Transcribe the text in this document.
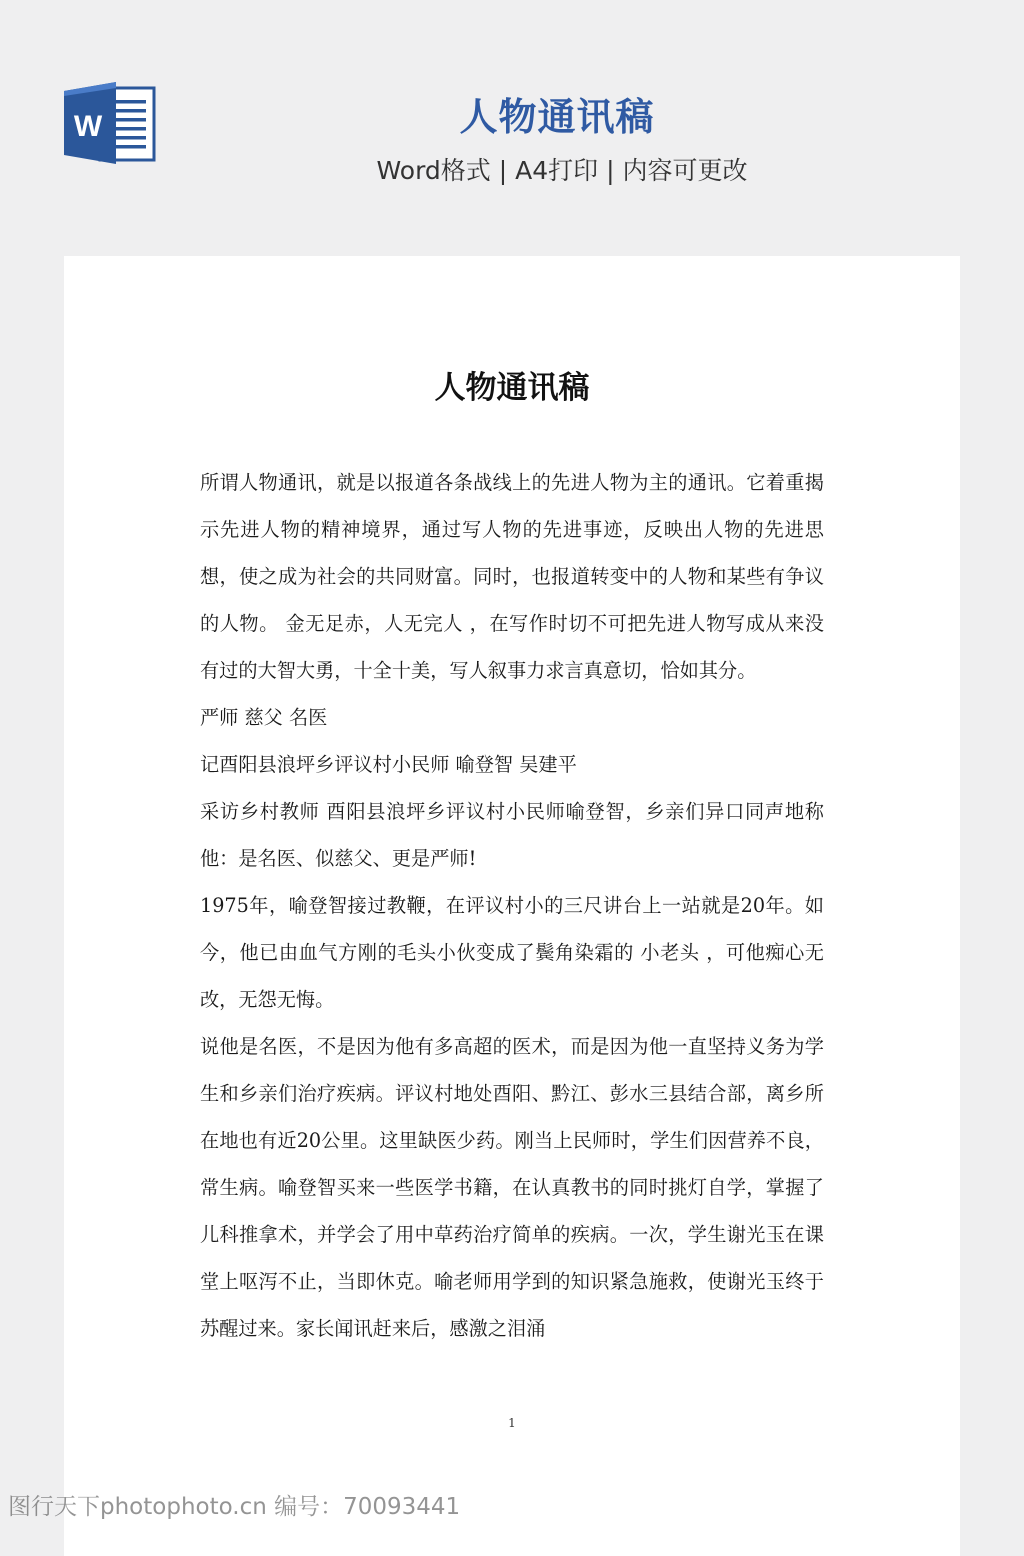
W	人物通讯稿
Word格式 | A4打印 | 内容可更改
人物通讯稿

所谓人物通讯，就是以报道各条战线上的先进人物为主的通讯。它着重揭示先进人物的精神境界，通过写人物的先进事迹，反映出人物的先进思想，使之成为社会的共同财富。同时，也报道转变中的人物和某些有争议的人物。 金无足赤，人无完人 ，在写作时切不可把先进人物写成从来没有过的大智大勇，十全十美，写人叙事力求言真意切，恰如其分。

严师 慈父 名医

记酉阳县浪坪乡评议村小民师 喻登智 吴建平

采访乡村教师 酉阳县浪坪乡评议村小民师喻登智，乡亲们异口同声地称他：是名医、似慈父、更是严师!

1975年，喻登智接过教鞭，在评议村小的三尺讲台上一站就是20年。如今，他已由血气方刚的毛头小伙变成了鬓角染霜的 小老头 ，可他痴心无改，无怨无悔。

说他是名医，不是因为他有多高超的医术，而是因为他一直坚持义务为学生和乡亲们治疗疾病。评议村地处酉阳、黔江、彭水三县结合部，离乡所在地也有近20公里。这里缺医少药。刚当上民师时，学生们因营养不良，常生病。喻登智买来一些医学书籍，在认真教书的同时挑灯自学，掌握了儿科推拿术，并学会了用中草药治疗简单的疾病。一次，学生谢光玉在课堂上呕泻不止，当即休克。喻老师用学到的知识紧急施救，使谢光玉终于苏醒过来。家长闻讯赶来后，感激之泪涌

1
图行天下photophoto.cn 编号：70093441
